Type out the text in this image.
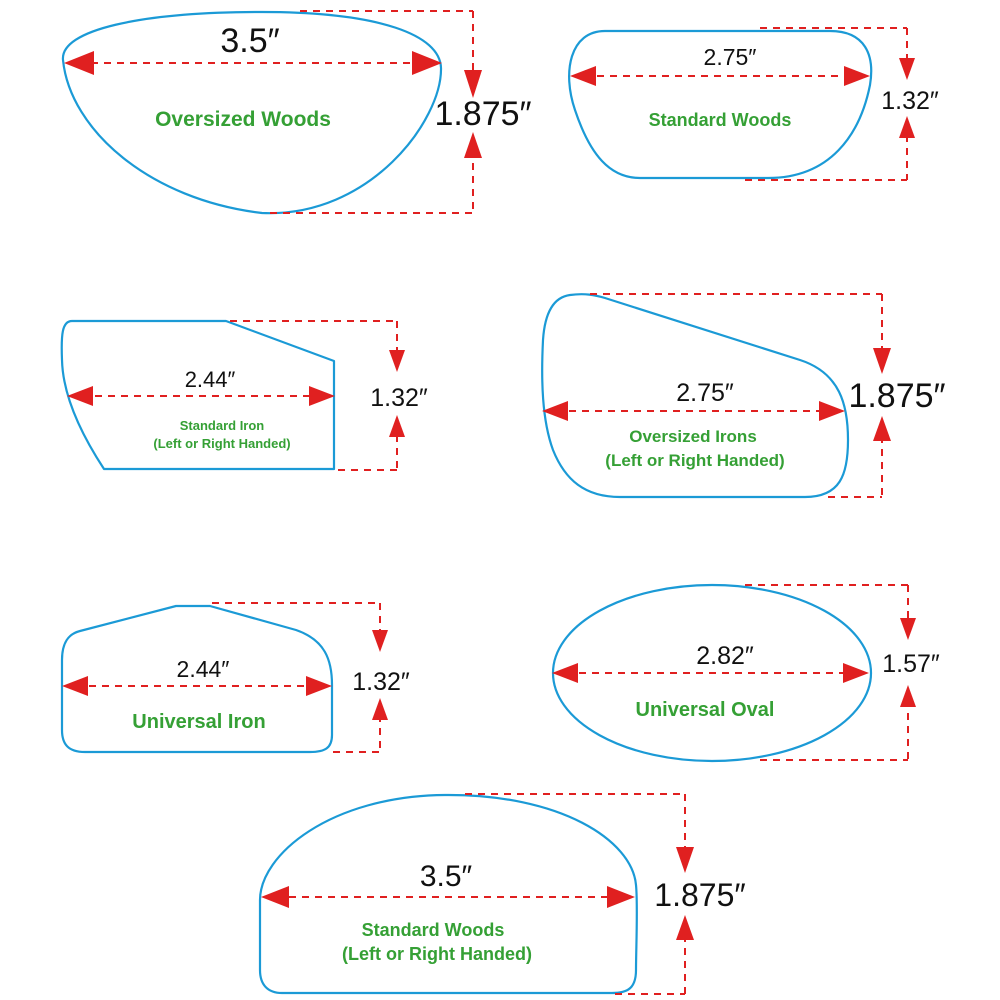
3.5″
Oversized Woods	1.875″
2.75″
Standard Woods
1.32″
2.44″
Standard Iron
(Left or Right Handed)
1.32″	2.75″
Oversized Irons
(Left or Right Handed)
1.875″
2.44″
Universal Iron
1.32″
2.82″
Universal Oval
1.57″
3.5″
Standard Woods
(Left or Right Handed)
1.875″
